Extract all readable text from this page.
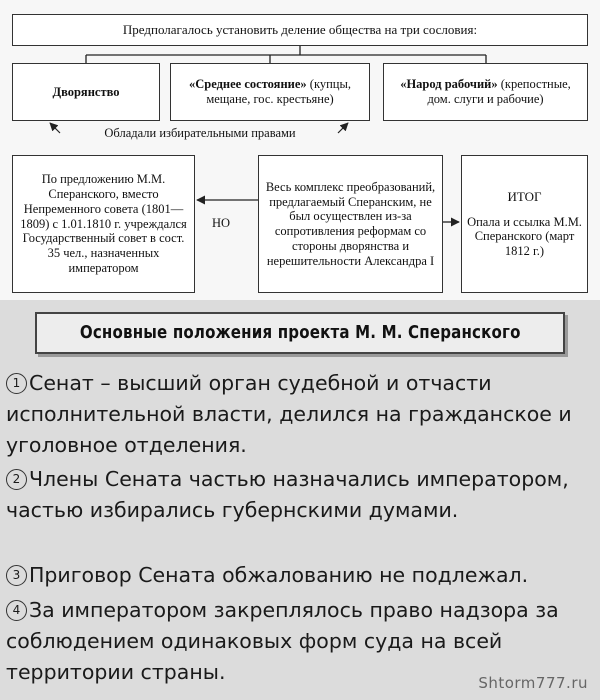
Предполагалось установить деление общества на три сословия:
Дворянство
«Среднее состояние» (купцы, мещане, гос. крестьяне)
«Народ рабочий» (крепостные, дом. слуги и рабочие)
Обладали избирательными правами
По предложению М.М. Сперанского, вместо Непременного совета (1801—1809) с 1.01.1810 г. учреждался Государственный совет в сост. 35 чел., назначенных императором
НО
Весь комплекс преобразований, предлагаемый Сперанским, не был осуществлен из-за сопротивления реформам со стороны дворянства и нерешительности Александра I
ИТОГ
Опала и ссылка М.М. Сперанского (март 1812 г.)
Основные положения проекта М. М. Сперанского
1 Сенат – высший орган судебной и отчасти исполнительной власти, делился на гражданское и уголовное отделения.
2 Члены Сената частью назначались императором, частью избирались губернскими думами.
3 Приговор Сената обжалованию не подлежал.
4 За императором закреплялось право надзора за соблюдением одинаковых форм суда на всей территории страны.	Shtorm777.ru
